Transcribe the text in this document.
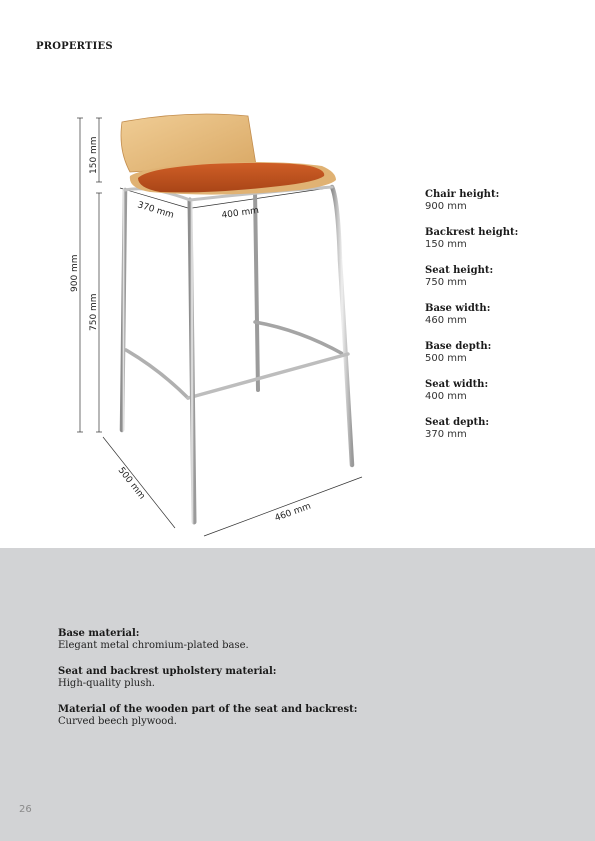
PROPERTIES
900 mm
150 mm
750 mm
370 mm	400 mm
500 mm
460 mm
Chair height:
900 mm
Backrest height:
150 mm
Seat height:
750 mm
Base width:
460 mm
Base depth:
500 mm
Seat width:
400 mm
Seat depth:
370 mm
Base material:
Elegant metal chromium-plated base.
Seat and backrest upholstery material:
High-quality plush.
Material of the wooden part of the seat and backrest:
Curved beech plywood.
26
